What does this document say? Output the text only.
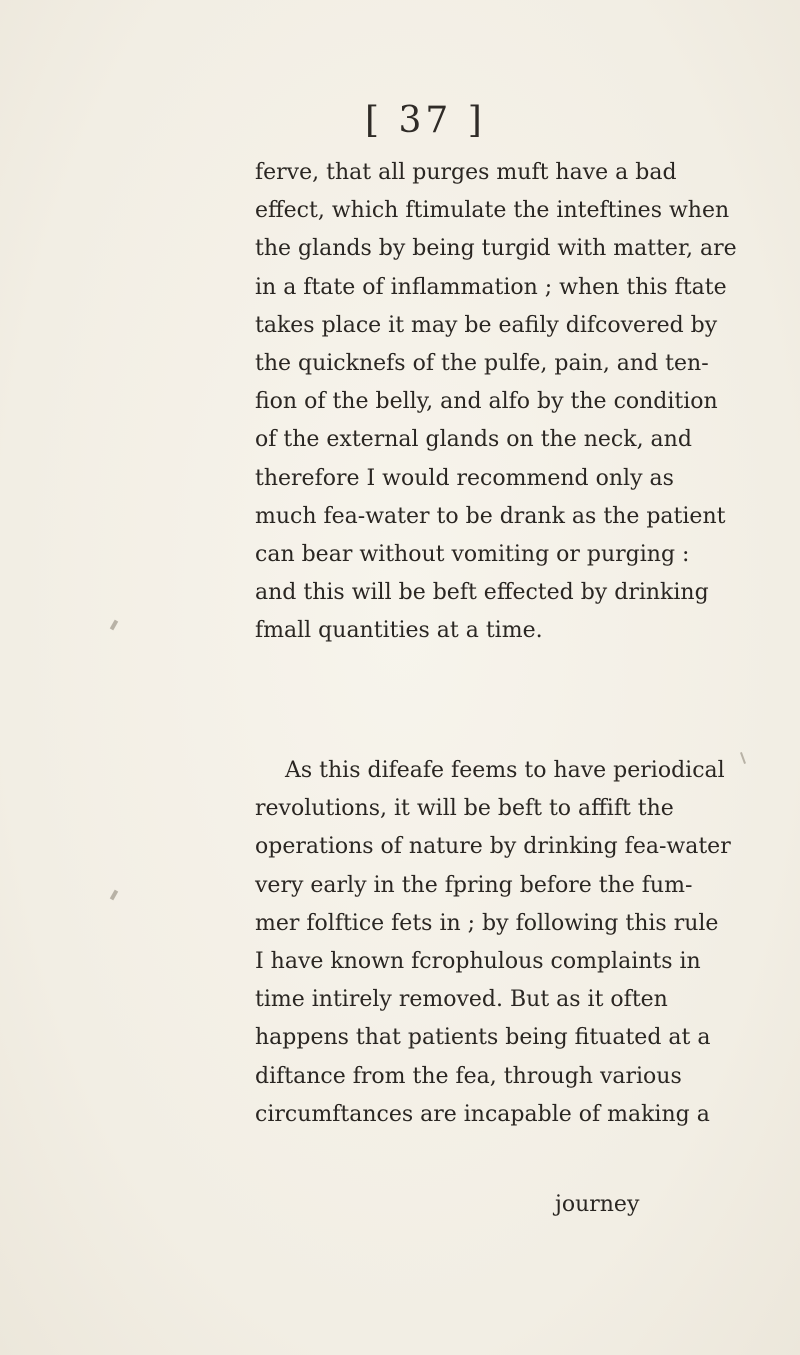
[ 37 ]
ferve, that all purges muft have a bad
effect, which ftimulate the inteftines when
the glands by being turgid with matter, are
in a ftate of inflammation ; when this ftate
takes place it may be eafily difcovered by
the quicknefs of the pulfe, pain, and ten-
fion of the belly, and alfo by the condition
of the external glands on the neck, and
therefore I would recommend only as
much fea-water to be drank as the patient
can bear without vomiting or purging :
and this will be beft effected by drinking
fmall quantities at a time.
As this difeafe feems to have periodical
revolutions, it will be beft to affift the
operations of nature by drinking fea-water
very early in the fpring before the fum-
mer folftice fets in ; by following this rule
I have known fcrophulous complaints in
time intirely removed. But as it often
happens that patients being fituated at a
diftance from the fea, through various
circumftances are incapable of making a
journey
